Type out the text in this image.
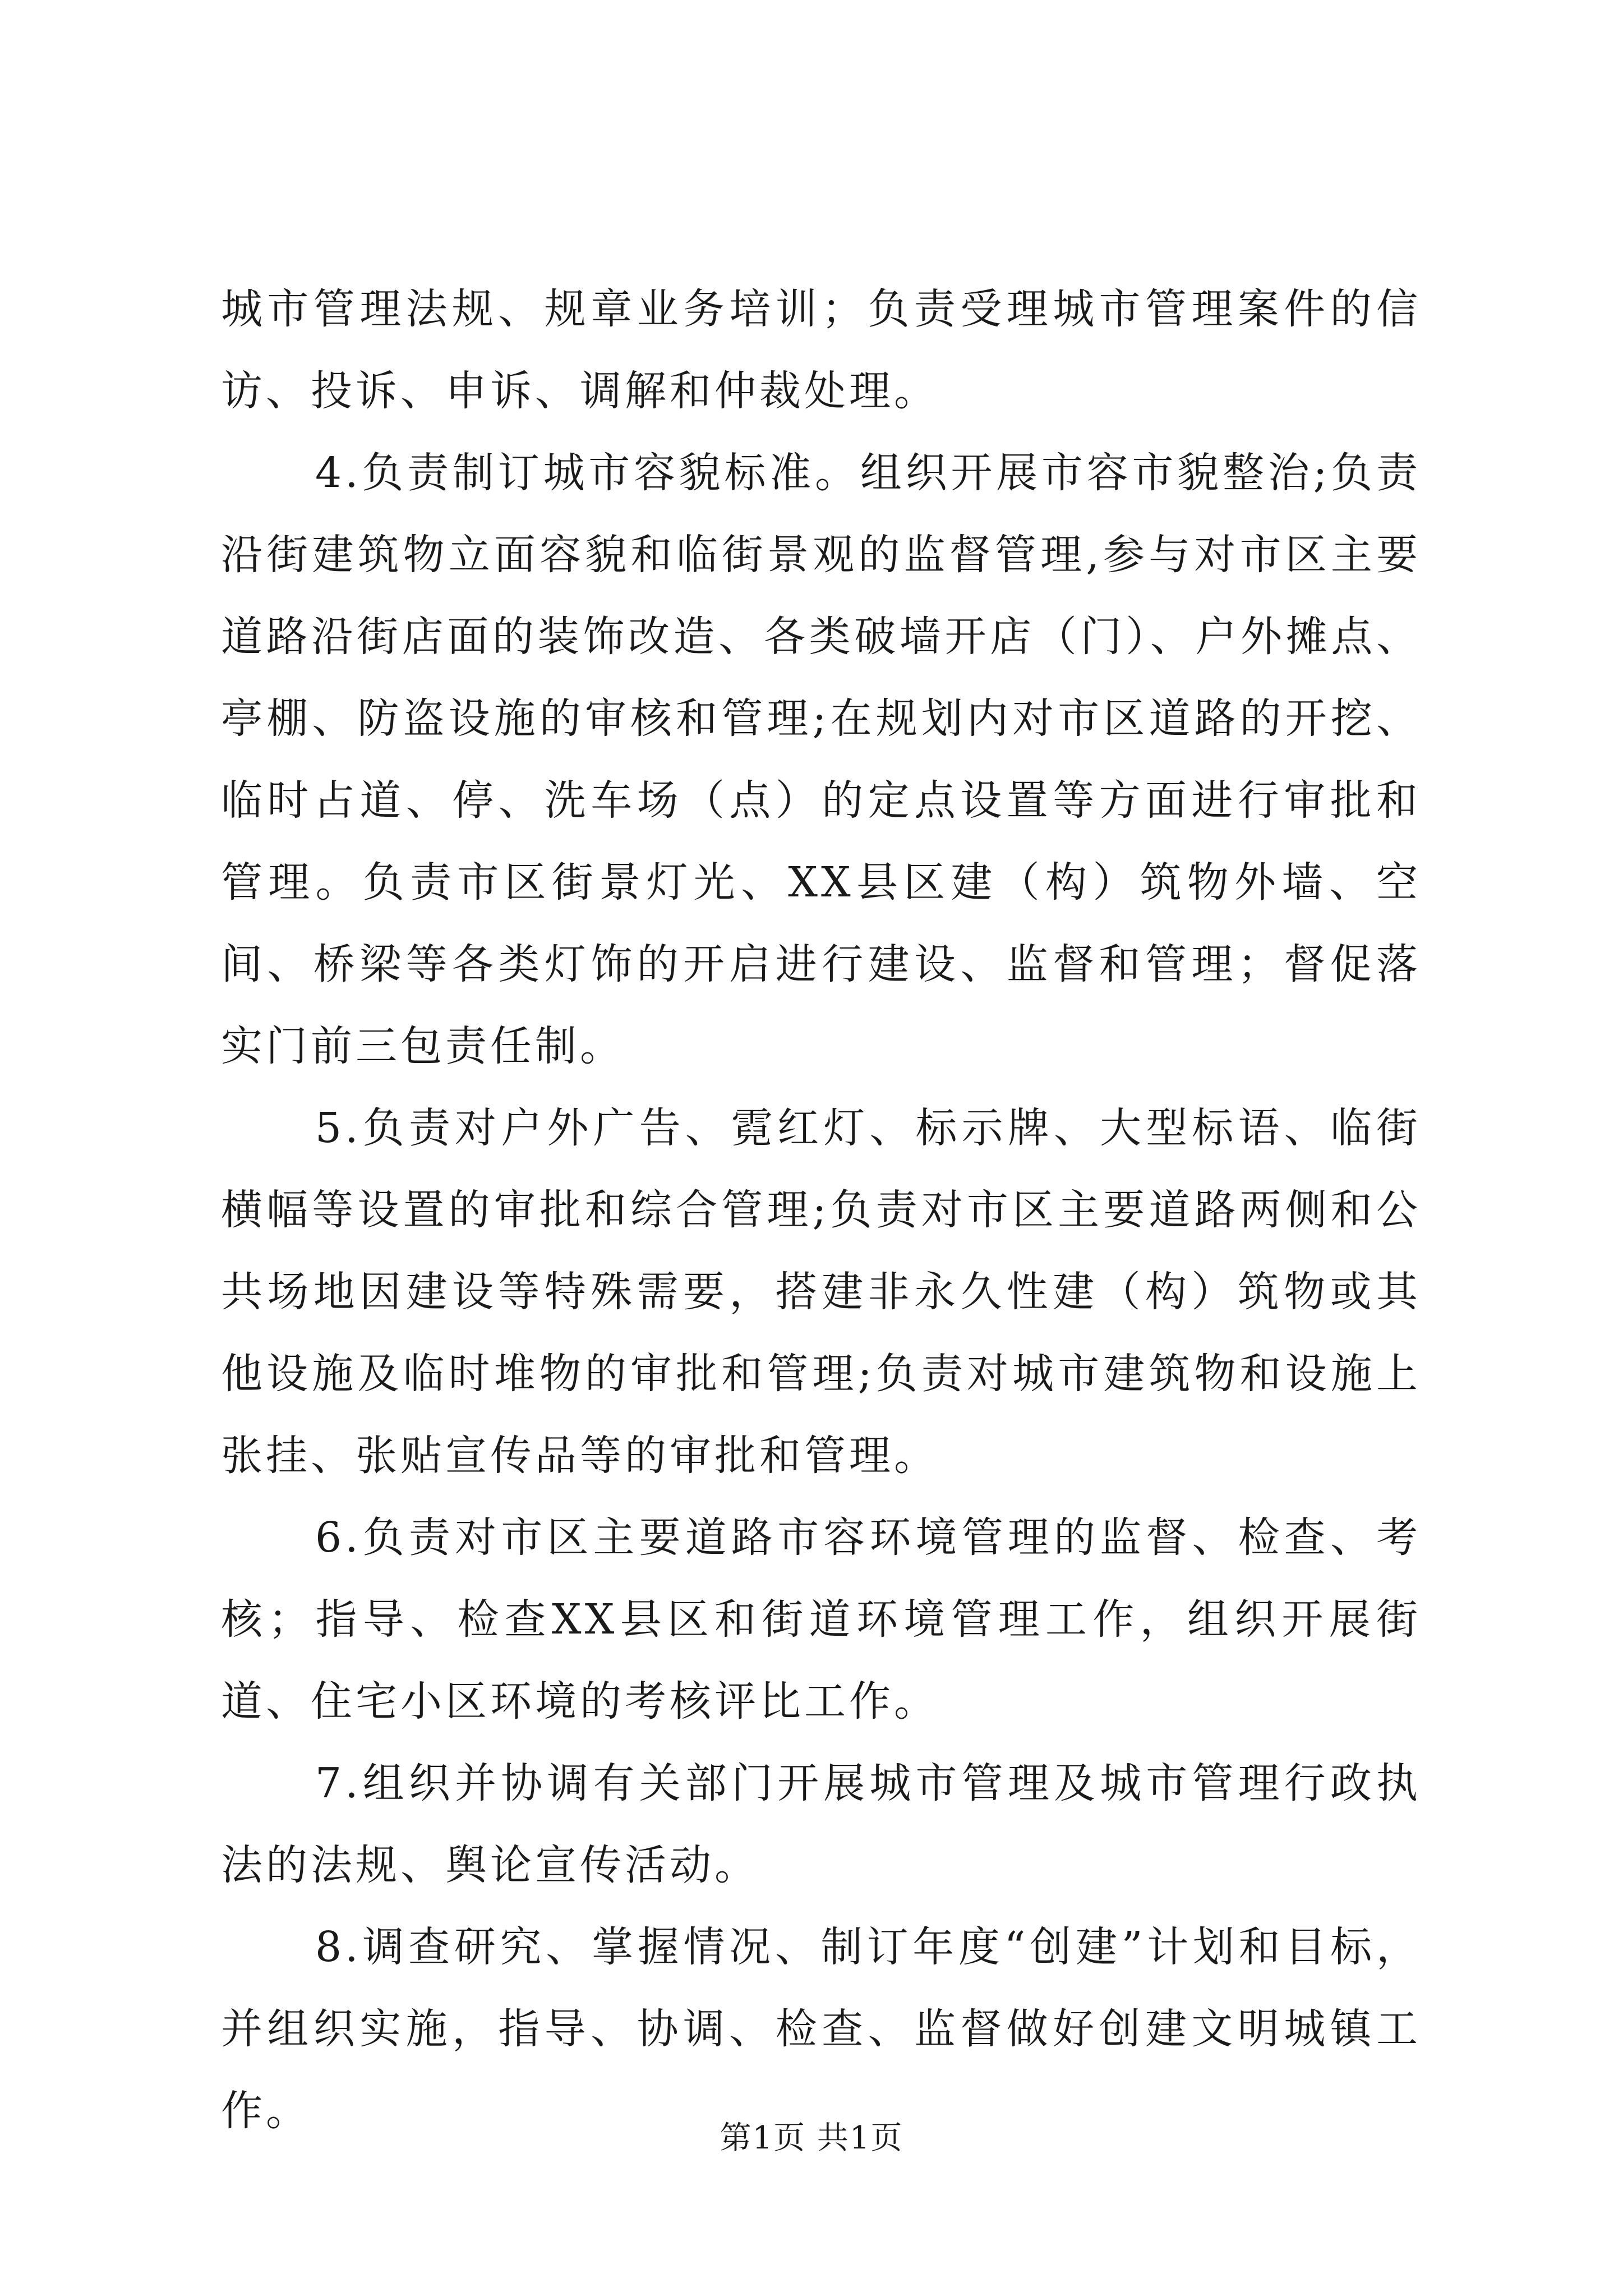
城市管理法规、规章业务培训；负责受理城市管理案件的信访、投诉、申诉、调解和仲裁处理。

4.负责制订城市容貌标准。组织开展市容市貌整治;负责沿街建筑物立面容貌和临街景观的监督管理,参与对市区主要道路沿街店面的装饰改造、各类破墙开店（门）、户外摊点、亭棚、防盗设施的审核和管理;在规划内对市区道路的开挖、临时占道、停、洗车场（点）的定点设置等方面进行审批和管理。负责市区街景灯光、XX县区建（构）筑物外墙、空间、桥梁等各类灯饰的开启进行建设、监督和管理；督促落实门前三包责任制。

5.负责对户外广告、霓红灯、标示牌、大型标语、临街横幅等设置的审批和综合管理;负责对市区主要道路两侧和公共场地因建设等特殊需要，搭建非永久性建（构）筑物或其他设施及临时堆物的审批和管理;负责对城市建筑物和设施上张挂、张贴宣传品等的审批和管理。

6.负责对市区主要道路市容环境管理的监督、检查、考核；指导、检查XX县区和街道环境管理工作，组织开展街道、住宅小区环境的考核评比工作。

7.组织并协调有关部门开展城市管理及城市管理行政执法的法规、舆论宣传活动。

8.调查研究、掌握情况、制订年度“创建”计划和目标，并组织实施，指导、协调、检查、监督做好创建文明城镇工作。

第1页 共1页
